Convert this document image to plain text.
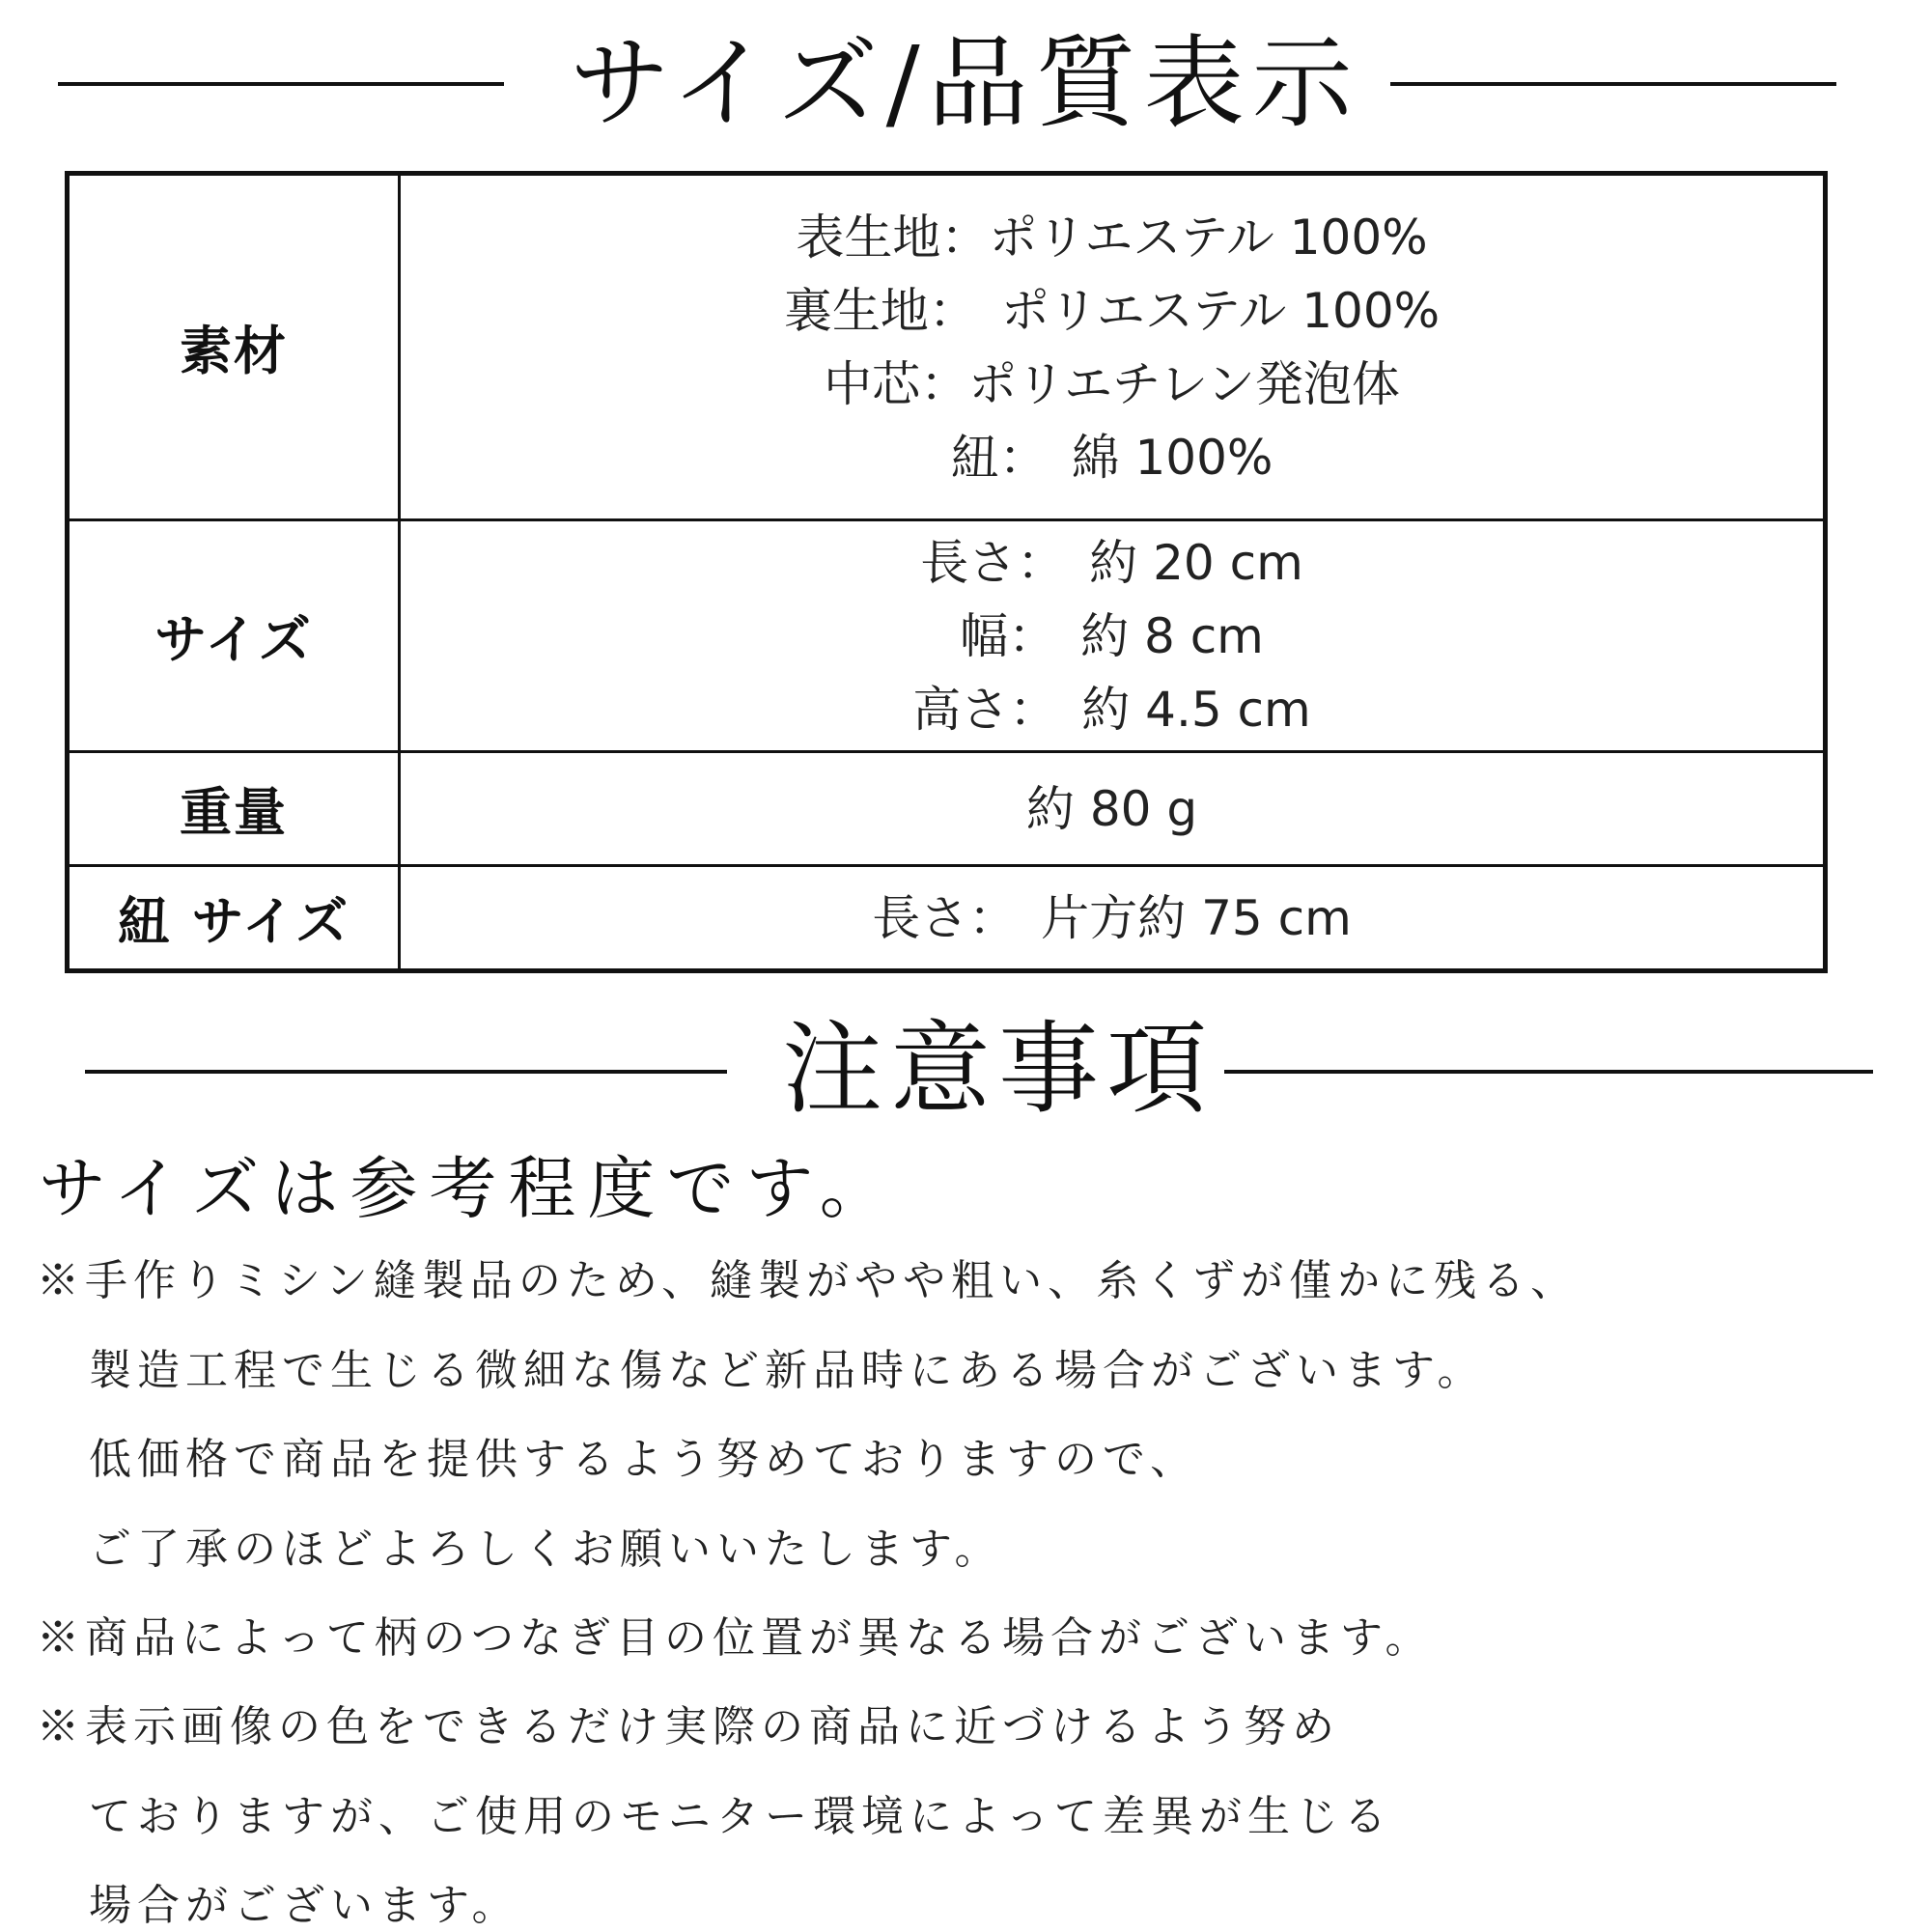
サイズ/品質表示
素材
表生地：ポリエステル 100%
裏生地：　ポリエステル 100%
中芯：ポリエチレン発泡体
紐：　綿 100%
サイズ
長さ：　約 20 cm
幅：　約 8 cm
高さ：　約 4.5 cm
重量	約 80 g
紐 サイズ	長さ：　片方約 75 cm
注意事項
サイズは参考程度です。
※手作りミシン縫製品のため、縫製がやや粗い、糸くずが僅かに残る、
製造工程で生じる微細な傷など新品時にある場合がございます。
低価格で商品を提供するよう努めておりますので、
ご了承のほどよろしくお願いいたします。
※商品によって柄のつなぎ目の位置が異なる場合がございます。
※表示画像の色をできるだけ実際の商品に近づけるよう努め
ておりますが、ご使用のモニター環境によって差異が生じる
場合がございます。
